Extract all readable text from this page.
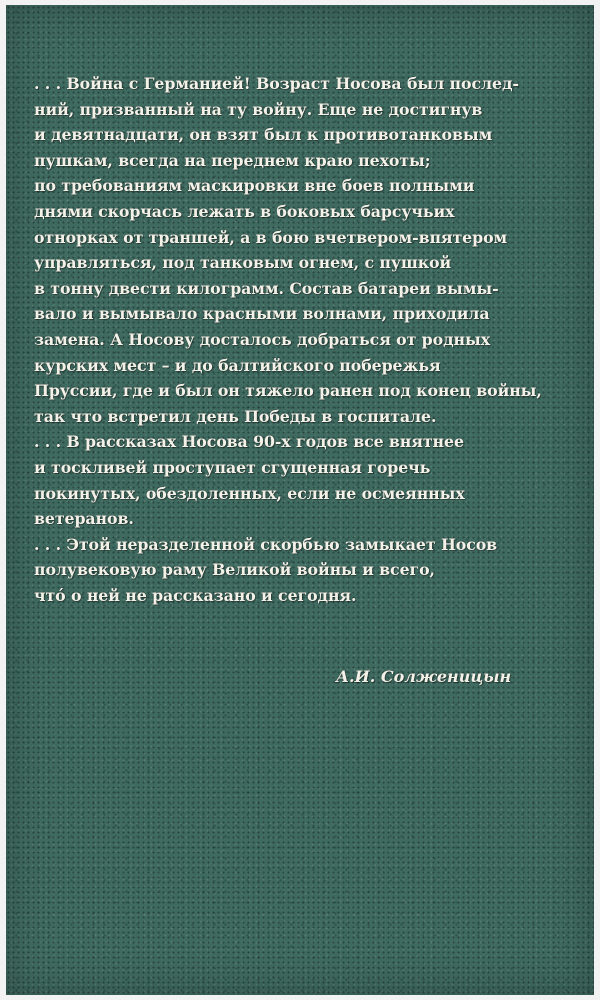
. . . Война с Германией! Возраст Носова был послед-
ний, призванный на ту войну. Еще не достигнув
и девятнадцати, он взят был к противотанковым
пушкам, всегда на переднем краю пехоты;
по требованиям маскировки вне боев полными
днями скорчась лежать в боковых барсучьих
отнорках от траншей, а в бою вчетвером-впятером
управляться, под танковым огнем, с пушкой
в тонну двести килограмм. Состав батареи вымы-
вало и вымывало красными волнами, приходила
замена. А Носову досталось добраться от родных
курских мест – и до балтийского побережья
Пруссии, где и был он тяжело ранен под конец войны,
так что встретил день Победы в госпитале.
. . . В рассказах Носова 90-х годов все внятнее
и тоскливей проступает сгущенная горечь
покинутых, обездоленных, если не осмеянных
ветеранов.
. . . Этой неразделенной скорбью замыкает Носов
полувековую раму Великой войны и всего,
что́ о ней не рассказано и сегодня.
А.И. Солженицын
